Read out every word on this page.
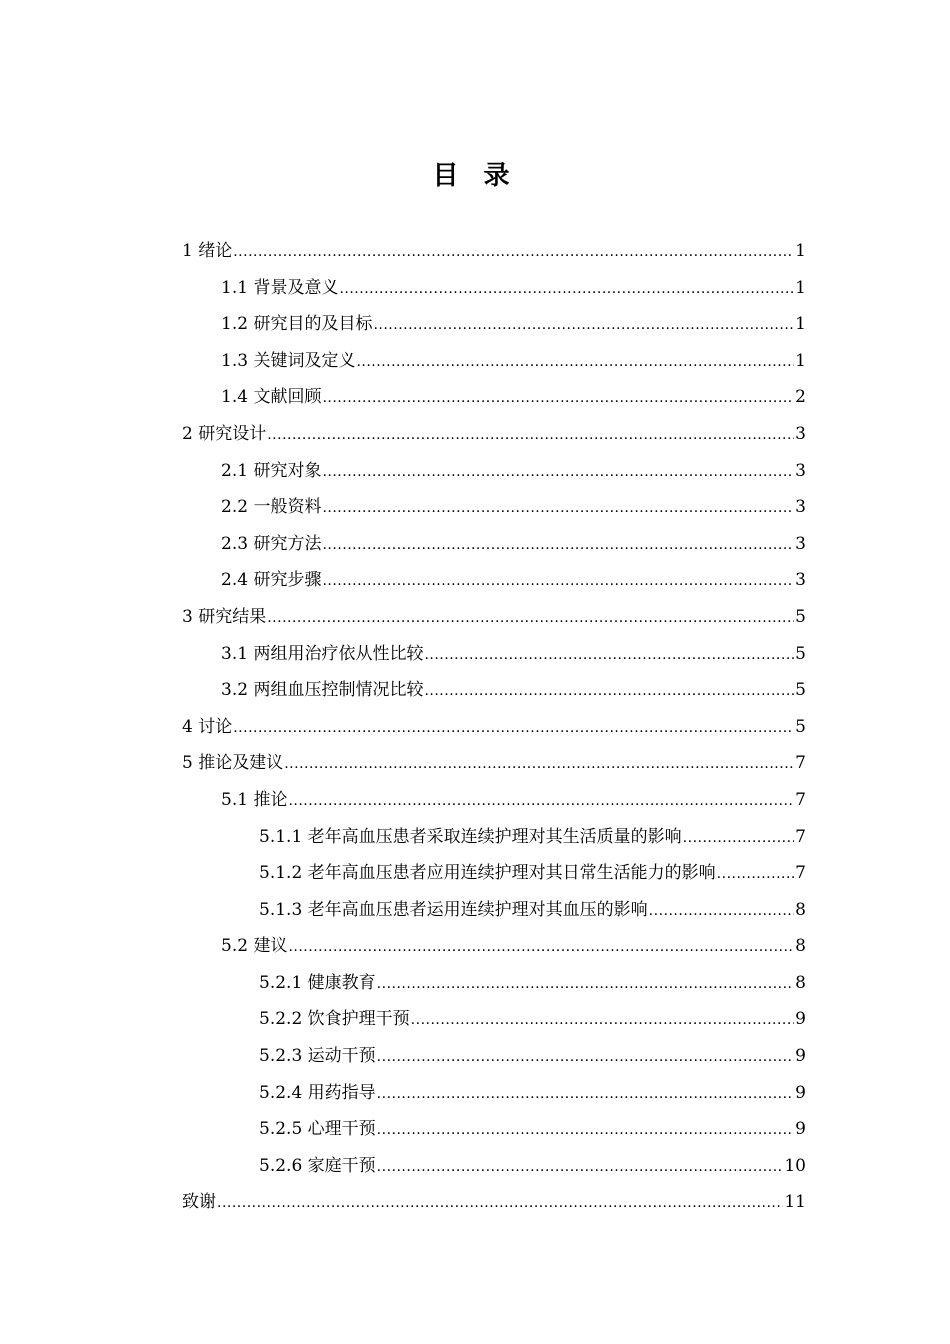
目 录
1 绪论 .....	1
1.1 背景及意义 .....	1
1.2 研究目的及目标 .....	1
1.3 关键词及定义 .....	1
1.4 文献回顾 .....	2
2 研究设计 .....	3
2.1 研究对象 .....	3
2.2 一般资料 .....	3
2.3 研究方法 .....	3
2.4 研究步骤 .....	3
3 研究结果 .....	5
3.1 两组用治疗依从性比较 .....	5
3.2 两组血压控制情况比较 .....	5
4 讨论 .....	5
5 推论及建议 .....	7
5.1 推论 .....	7
5.1.1 老年高血压患者采取连续护理对其生活质量的影响 .....	7
5.1.2 老年高血压患者应用连续护理对其日常生活能力的影响 .....	7
5.1.3 老年高血压患者运用连续护理对其血压的影响 .....	8
5.2 建议 .....	8
5.2.1 健康教育 .....	8
5.2.2 饮食护理干预 .....	9
5.2.3 运动干预 .....	9
5.2.4 用药指导 .....	9
5.2.5 心理干预 .....	9
5.2.6 家庭干预 .....	10
致谢 .....	11
